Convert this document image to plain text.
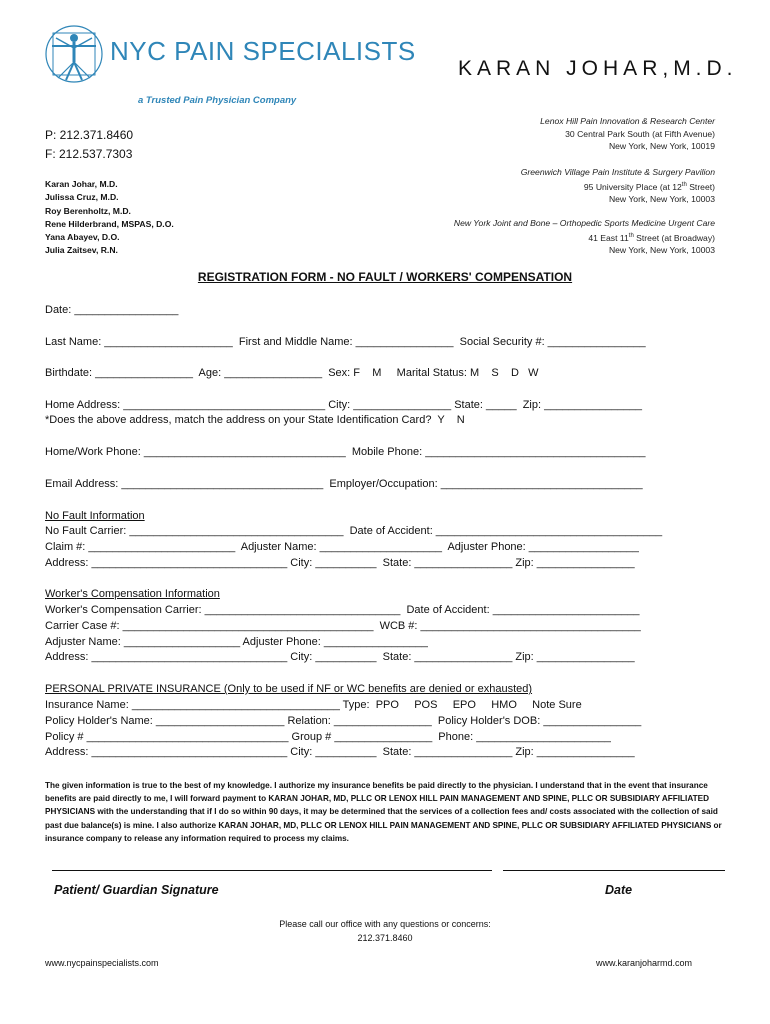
NYC PAIN SPECIALISTS
a Trusted Pain Physician Company
KARAN JOHAR,M.D.
P: 212.371.8460
F: 212.537.7303
Karan Johar, M.D.
Julissa Cruz, M.D.
Roy Berenholtz, M.D.
Rene Hilderbrand, MSPAS, D.O.
Yana Abayev, D.O.
Julia Zaitsev, R.N.
Lenox Hill Pain Innovation & Research Center
30 Central Park South (at Fifth Avenue)
New York, New York, 10019
Greenwich Village Pain Institute & Surgery Pavilion
95 University Place (at 12th Street)
New York, New York, 10003
New York Joint and Bone – Orthopedic Sports Medicine Urgent Care
41 East 11th Street (at Broadway)
New York, New York, 10003
REGISTRATION FORM - NO FAULT / WORKERS' COMPENSATION
Date: _________________
Last Name: _____________________  First and Middle Name: ________________  Social Security #: ________________
Birthdate: ________________  Age: ________________  Sex: F    M     Marital Status: M    S    D   W
Home Address: _________________________________ City: ________________ State: _____  Zip: ________________
*Does the above address, match the address on your State Identification Card?  Y    N
Home/Work Phone: _________________________________  Mobile Phone: ____________________________________
Email Address: _________________________________  Employer/Occupation: _________________________________
No Fault Information
No Fault Carrier: ___________________________________  Date of Accident: _____________________________________
Claim #: ________________________  Adjuster Name: ____________________  Adjuster Phone: __________________
Address: ________________________________ City: __________  State: ________________ Zip: ________________
Worker's Compensation Information
Worker's Compensation Carrier: ________________________________  Date of Accident: ________________________
Carrier Case #: _________________________________________  WCB #: ____________________________________
Adjuster Name: ___________________ Adjuster Phone: _________________
Address: ________________________________ City: __________  State: ________________ Zip: ________________
PERSONAL PRIVATE INSURANCE (Only to be used if NF or WC benefits are denied or exhausted)
Insurance Name: __________________________________ Type:  PPO     POS     EPO     HMO     Note Sure
Policy Holder's Name: _____________________ Relation: ________________  Policy Holder's DOB: ________________
Policy # _________________________________ Group # ________________  Phone: ______________________
Address: ________________________________ City: __________  State: ________________ Zip: ________________
The given information is true to the best of my knowledge. I authorize my insurance benefits be paid directly to the physician. I understand that in the event that insurance benefits are paid directly to me, I will forward payment to KARAN JOHAR, MD, PLLC OR LENOX HILL PAIN MANAGEMENT AND SPINE, PLLC OR SUBSIDIARY AFFILIATED PHYSICIANS with the understanding that if I do so within 90 days, it may be determined that the services of a collection fees and/ costs associated with the collection of said past due balance(s) is mine. I also authorize KARAN JOHAR, MD, PLLC OR LENOX HILL PAIN MANAGEMENT AND SPINE, PLLC OR SUBSIDIARY AFFILIATED PHYSICIANS or insurance company to release any information required to process my claims.
Patient/ Guardian Signature	Date
Please call our office with any questions or concerns:
212.371.8460
www.nycpainspecialists.com	www.karanjoharmd.com
